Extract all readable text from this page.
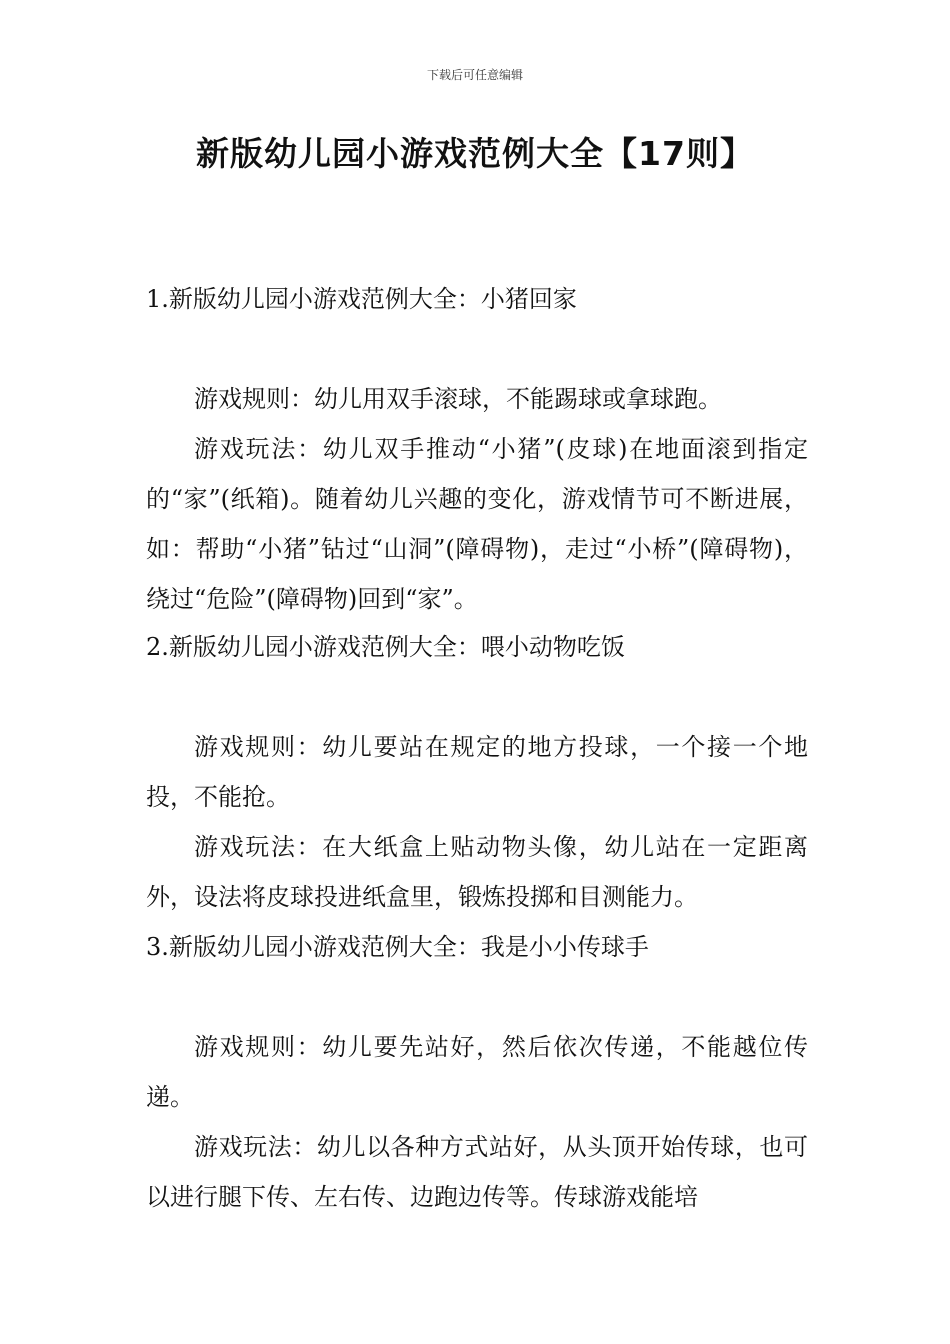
下载后可任意编辑
新版幼儿园小游戏范例大全【17则】

1.新版幼儿园小游戏范例大全：小猪回家

游戏规则：幼儿用双手滚球，不能踢球或拿球跑。

游戏玩法：幼儿双手推动“小猪”(皮球)在地面滚到指定的“家”(纸箱)。随着幼儿兴趣的变化，游戏情节可不断进展，如：帮助“小猪”钻过“山洞”(障碍物)，走过“小桥”(障碍物)，绕过“危险”(障碍物)回到“家”。

2.新版幼儿园小游戏范例大全：喂小动物吃饭

游戏规则：幼儿要站在规定的地方投球，一个接一个地投，不能抢。

游戏玩法：在大纸盒上贴动物头像，幼儿站在一定距离外，设法将皮球投进纸盒里，锻炼投掷和目测能力。

3.新版幼儿园小游戏范例大全：我是小小传球手

游戏规则：幼儿要先站好，然后依次传递，不能越位传递。

游戏玩法：幼儿以各种方式站好，从头顶开始传球，也可以进行腿下传、左右传、边跑边传等。传球游戏能培
